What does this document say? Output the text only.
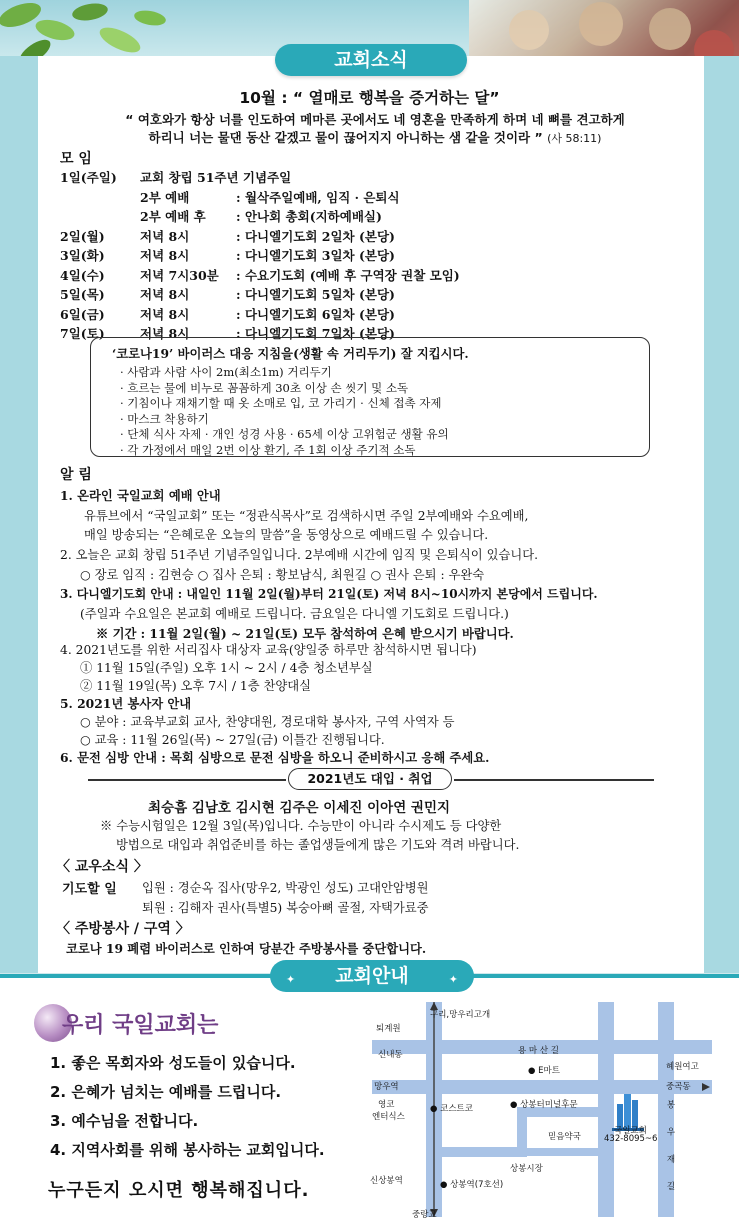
교회소식
10월 : “ 열매로 행복을 증거하는 달”
“ 여호와가 항상 너를 인도하여 메마른 곳에서도 네 영혼을 만족하게 하며 네 뼈를 견고하게
하리니 너는 물댄 동산 같겠고 물이 끊어지지 아니하는 샘 같을 것이라 ” (사 58:11)
모 임
1일(주일) 교회 창립 51주년 기념주일
2부 예배	: 월삭주일예배, 임직 · 은퇴식
2부 예배 후 : 안나회 총회(지하예배실)
2일(월)	저녁 8시	: 다니엘기도회 2일차 (본당)
3일(화)	저녁 8시	: 다니엘기도회 3일차 (본당)
4일(수)	저녁 7시30분 : 수요기도회 (예배 후 구역장 권찰 모임)
5일(목)	저녁 8시	: 다니엘기도회 5일차 (본당)
6일(금)	저녁 8시	: 다니엘기도회 6일차 (본당)
7일(토)	저녁 8시	: 다니엘기도회 7일차 (본당)
‘코로나19’ 바이러스 대응 지침을(생활 속 거리두기) 잘 지킵시다.
· 사람과 사람 사이 2m(최소1m) 거리두기
· 흐르는 물에 비누로 꼼꼼하게 30초 이상 손 씻기 및 소독
· 기침이나 재채기할 때 옷 소매로 입, 코 가리기 · 신체 접촉 자제
· 마스크 착용하기
· 단체 식사 자제 · 개인 성경 사용 · 65세 이상 고위험군 생활 유의
· 각 가정에서 매일 2번 이상 환기, 주 1회 이상 주기적 소독
알 림
1. 온라인 국일교회 예배 안내
유튜브에서 “국일교회” 또는 “정관식목사”로 검색하시면 주일 2부예배와 수요예배,
매일 방송되는 “은혜로운 오늘의 말씀”을 동영상으로 예배드릴 수 있습니다.
2. 오늘은 교회 창립 51주년 기념주일입니다. 2부예배 시간에 임직 및 은퇴식이 있습니다.
○ 장로 임직 : 김현승 ○ 집사 은퇴 : 황보남식, 최원길 ○ 권사 은퇴 : 우완숙
3. 다니엘기도회 안내 : 내일인 11월 2일(월)부터 21일(토) 저녁 8시~10시까지 본당에서 드립니다.
(주일과 수요일은 본교회 예배로 드립니다. 금요일은 다니엘 기도회로 드립니다.)
※ 기간 : 11월 2일(월) ~ 21일(토) 모두 참석하여 은혜 받으시기 바랍니다.
4. 2021년도를 위한 서리집사 대상자 교육(양일중 하루만 참석하시면 됩니다)
① 11월 15일(주일) 오후 1시 ~ 2시 / 4층 청소년부실
② 11월 19일(목) 오후 7시 / 1층 찬양대실
5. 2021년 봉사자 안내
○ 분야 : 교육부교회 교사, 찬양대원, 경로대학 봉사자, 구역 사역자 등
○ 교육 : 11월 26일(목) ~ 27일(금) 이틀간 진행됩니다.
2021년도 대입 · 취업
최승흠 김남호 김시현 김주은 이세진 이아연 권민지
※ 수능시험일은 12월 3일(목)입니다. 수능만이 아니라 수시제도 등 다양한
방법으로 대입과 취업준비를 하는 졸업생들에게 많은 기도와 격려 바랍니다.
〈 교우소식 〉
기도할 일 입원 : 경순옥 집사(망우2, 박광인 성도) 고대안암병원
퇴원 : 김해자 권사(특별5) 복숭아뼈 골절, 자택가료중
〈 주방봉사 / 구역 〉
코로나 19 폐렴 바이러스로 인하여 당분간 주방봉사를 중단합니다.
✦ 교회안내	✦
우리 국일교회는
1. 좋은 목회자와 성도들이 있습니다.
2. 은혜가 넘치는 예배를 드립니다.
3. 예수님을 전합니다.
4. 지역사회를 위해 봉사하는 교회입니다.
누구든지 오시면 행복해집니다.
구리,망우리고개
퇴계원
용 마 산 길
신내동
● E마트	혜원여고
망우역	중곡동
영코
엔터식스
● 코스트코	● 상봉터미널후문
믿음약국
국일교회
432-8095~6 봉 우 재 길
상봉시장
신상봉역	● 상봉역(7호선)
중랑교
6. 문전 심방 안내 : 목회 심방으로 문전 심방을 하오니 준비하시고 응해 주세요.
